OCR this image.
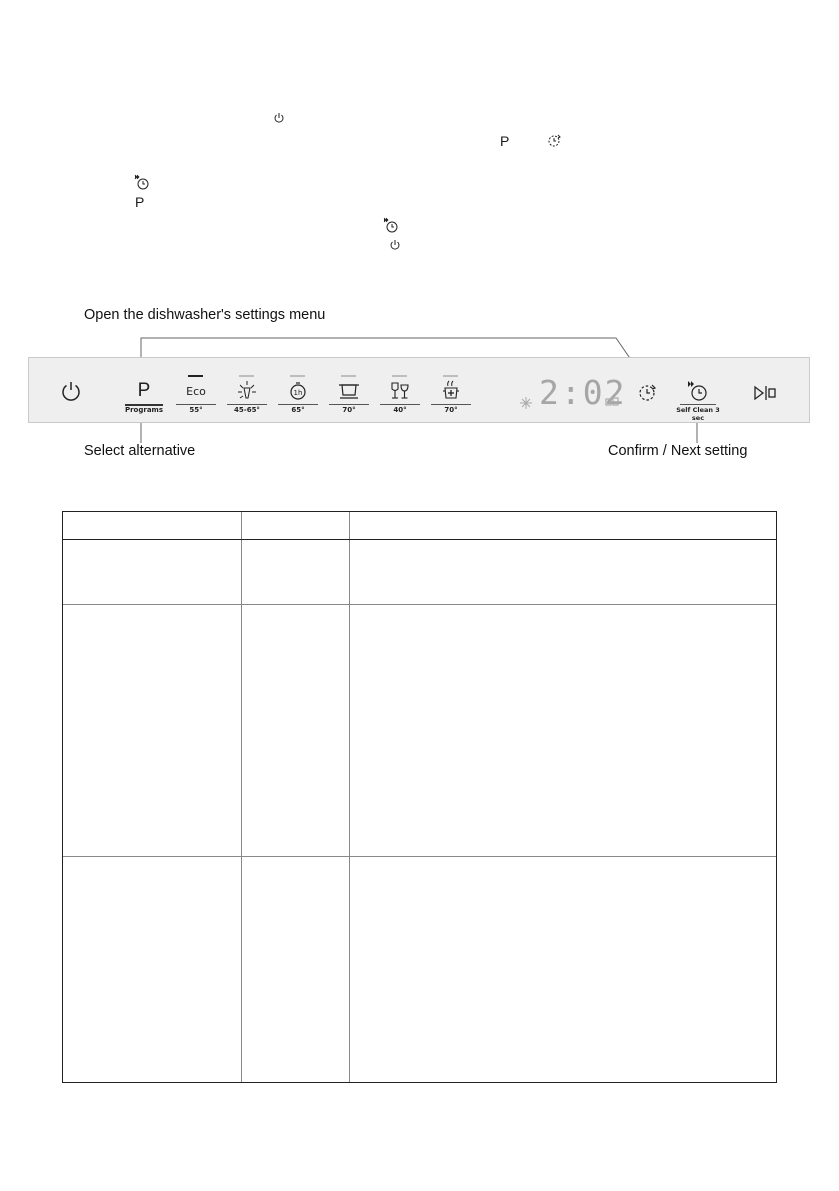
P
P
Open the dishwasher's settings menu
P
Programs
Eco
55°	45-65°
1h
65°	70°	40°	70°	2:02	Self Clean 3 sec
Select alternative	Confirm / Next setting
